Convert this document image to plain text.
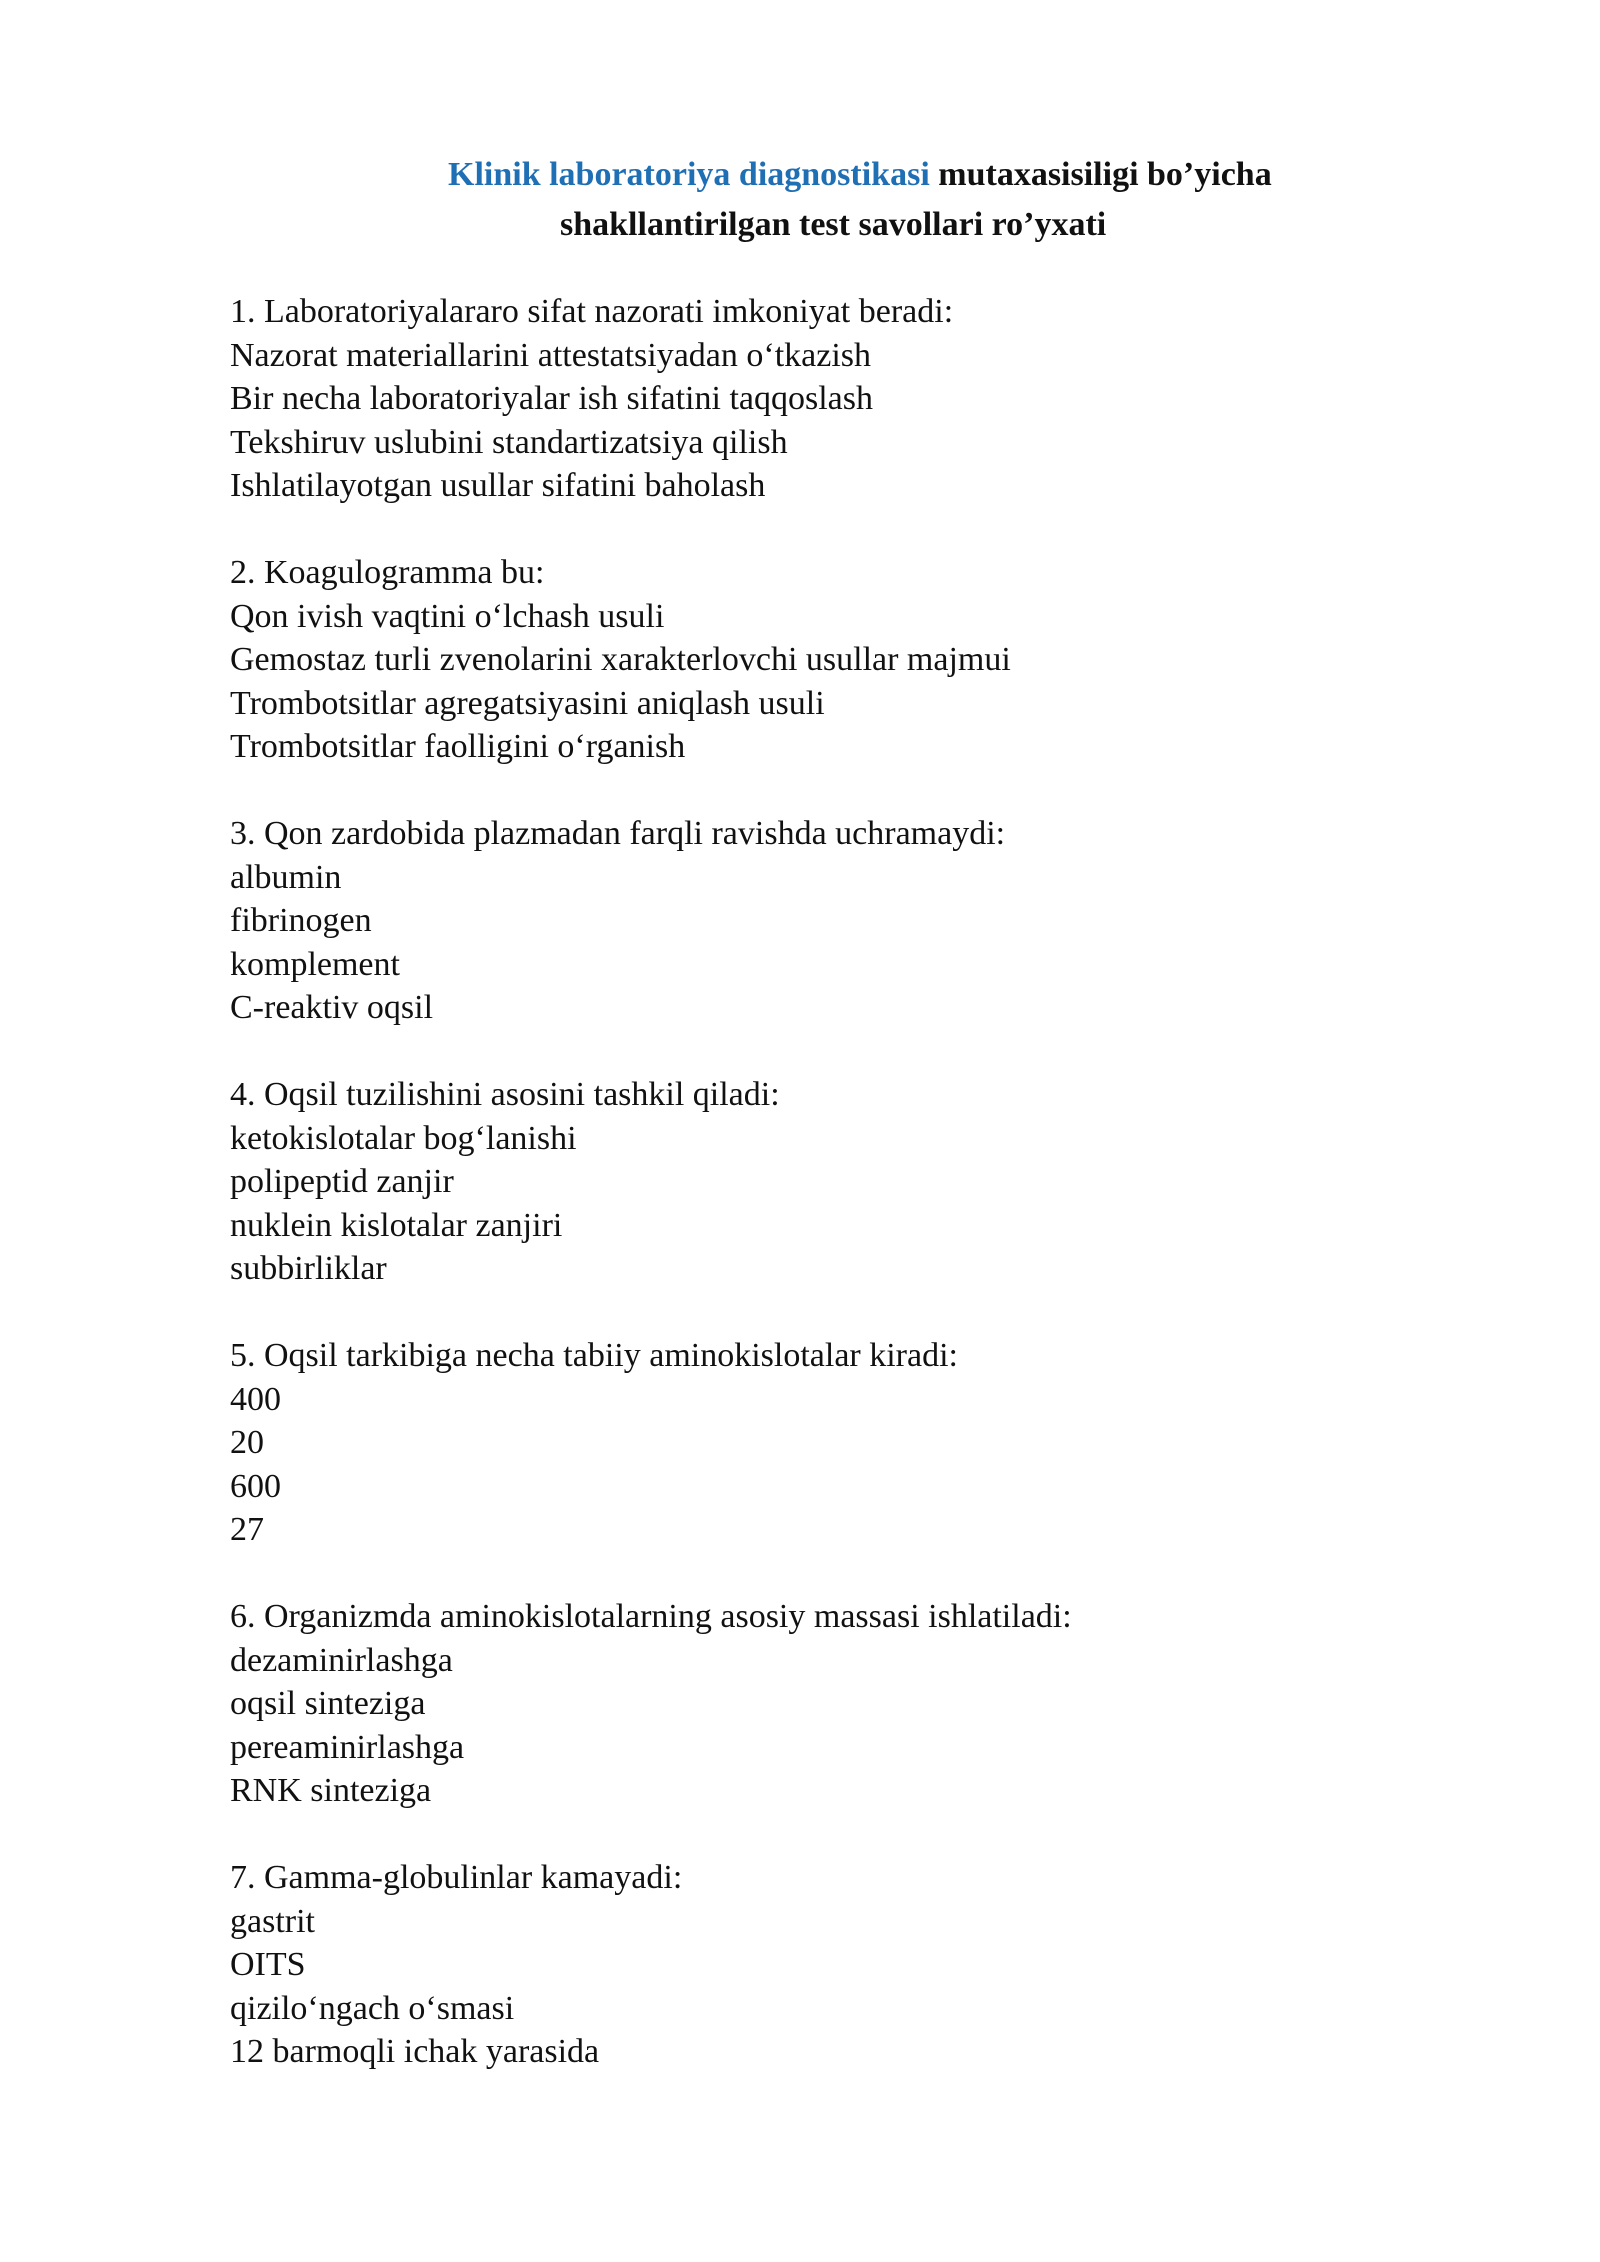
Klinik laboratoriya diagnostikasi mutaxasisiligi bo’yicha
shakllantirilgan test savollari ro’yxati
1. Laboratoriyalararo sifat nazorati imkoniyat beradi:
Nazorat materiallarini attestatsiyadan o‘tkazish
Bir necha laboratoriyalar ish sifatini taqqoslash
Tekshiruv uslubini standartizatsiya qilish
Ishlatilayotgan usullar sifatini baholash
2. Koagulogramma bu:
Qon ivish vaqtini o‘lchash usuli
Gemostaz turli zvenolarini xarakterlovchi usullar majmui
Trombotsitlar agregatsiyasini aniqlash usuli
Trombotsitlar faolligini o‘rganish
3. Qon zardobida plazmadan farqli ravishda uchramaydi:
albumin
fibrinogen
komplement
C-reaktiv oqsil
4. Oqsil tuzilishini asosini tashkil qiladi:
ketokislotalar bog‘lanishi
polipeptid zanjir
nuklein kislotalar zanjiri
subbirliklar
5. Oqsil tarkibiga necha tabiiy aminokislotalar kiradi:
400
20
600
27
6. Organizmda aminokislotalarning asosiy massasi ishlatiladi:
dezaminirlashga
oqsil sinteziga
pereaminirlashga
RNK sinteziga
7. Gamma-globulinlar kamayadi:
gastrit
OITS
qizilo‘ngach o‘smasi
12 barmoqli ichak yarasida
